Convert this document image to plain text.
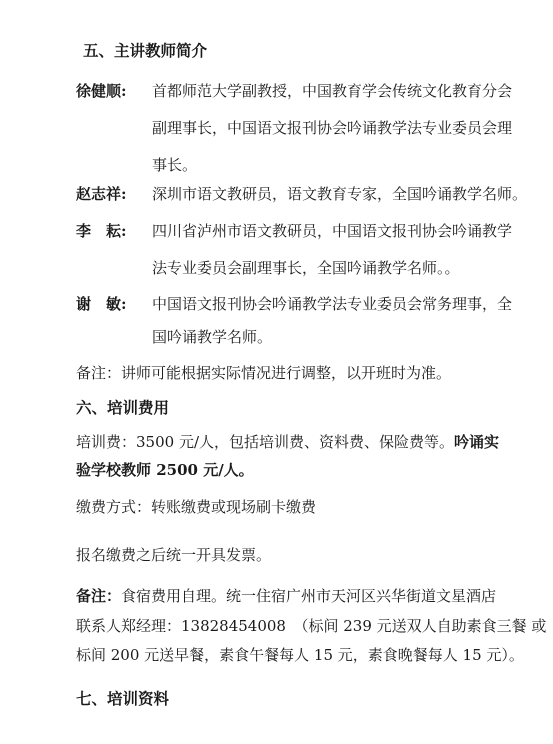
五、主讲教师简介
徐健顺: 首都师范大学副教授，中国教育学会传统文化教育分会
副理事长，中国语文报刊协会吟诵教学法专业委员会理
事长。
赵志祥: 深圳市语文教研员，语文教育专家，全国吟诵教学名师。
李　耘: 四川省泸州市语文教研员，中国语文报刊协会吟诵教学
法专业委员会副理事长，全国吟诵教学名师。。
谢　敏: 中国语文报刊协会吟诵教学法专业委员会常务理事，全
国吟诵教学名师。
备注：讲师可能根据实际情况进行调整，以开班时为准。
六、培训费用
培训费：3500 元/人，包括培训费、资料费、保险费等。吟诵实
验学校教师 2500 元/人。
缴费方式：转账缴费或现场刷卡缴费
报名缴费之后统一开具发票。
备注：食宿费用自理。统一住宿广州市天河区兴华街道文星酒店
联系人郑经理：13828454008　（标间 239 元送双人自助素食三餐 或
标间 200 元送早餐，素食午餐每人 15 元，素食晚餐每人 15 元）。
七、培训资料
